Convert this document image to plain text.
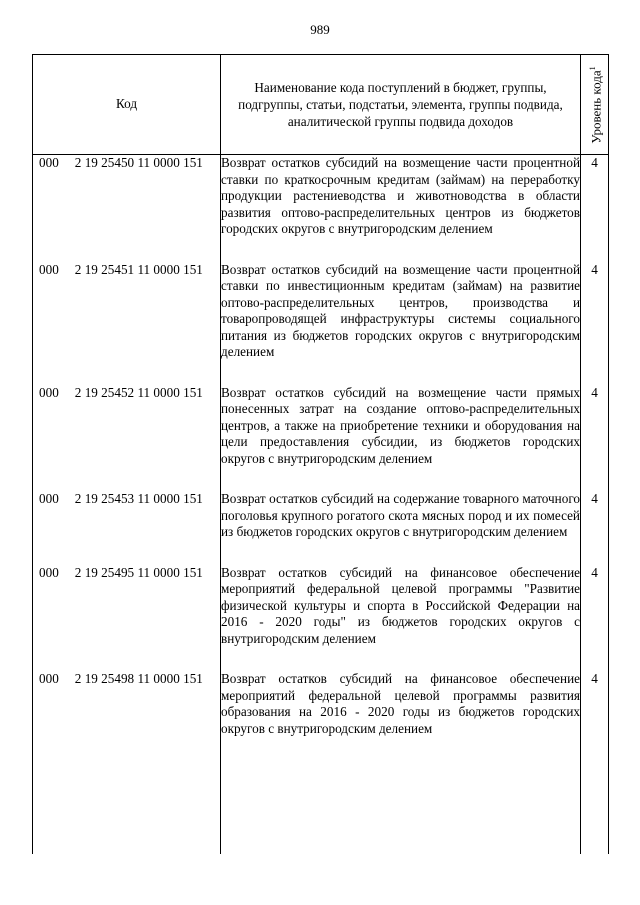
989
Код	Наименование кода поступлений в бюджет, группы, подгруппы, статьи, подстатьи, элемента, группы подвида, аналитической группы подвида доходов	Уровень кода$^1$

000 2 19 25450 11 0000 151	Возврат остатков субсидий на возмещение части процентной ставки по краткосрочным кредитам (займам) на переработку продукции растениеводства и животноводства в области развития оптово-распределительных центров из бюджетов городских округов с внутригородским делением	4

000 2 19 25451 11 0000 151	Возврат остатков субсидий на возмещение части процентной ставки по инвестиционным кредитам (займам) на развитие оптово-распределительных центров, производства и товаропроводящей инфраструктуры системы социального питания из бюджетов городских округов с внутригородским делением	4

000 2 19 25452 11 0000 151	Возврат остатков субсидий на возмещение части прямых понесенных затрат на создание оптово-распределительных центров, а также на приобретение техники и оборудования на цели предоставления субсидии, из бюджетов городских округов с внутригородским делением	4

000 2 19 25453 11 0000 151	Возврат остатков субсидий на содержание товарного маточного поголовья крупного рогатого скота мясных пород и их помесей из бюджетов городских округов с внутригородским делением	4

000 2 19 25495 11 0000 151	Возврат остатков субсидий на финансовое обеспечение мероприятий федеральной целевой программы "Развитие физической культуры и спорта в Российской Федерации на 2016 - 2020 годы" из бюджетов городских округов с внутригородским делением	4

000 2 19 25498 11 0000 151	Возврат остатков субсидий на финансовое обеспечение мероприятий федеральной целевой программы развития образования на 2016 - 2020 годы из бюджетов городских округов с внутригородским делением	4
